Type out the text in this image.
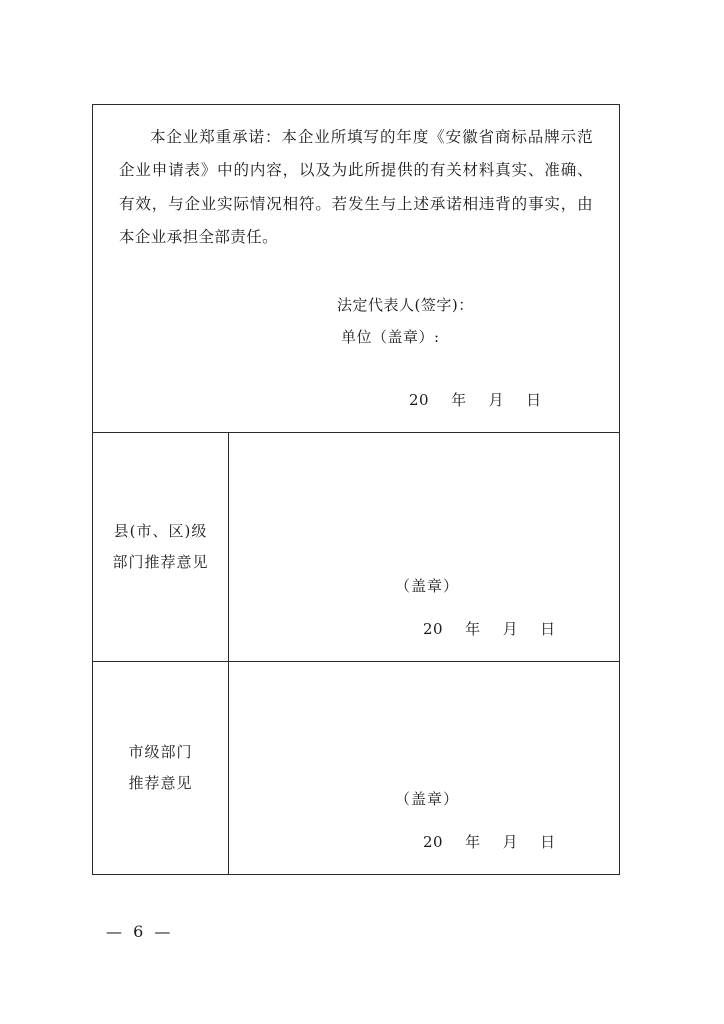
本企业郑重承诺：本企业所填写的年度《安徽省商标品牌示范企业申请表》中的内容，以及为此所提供的有关材料真实、准确、有效，与企业实际情况相符。若发生与上述承诺相违背的事实，由本企业承担全部责任。
法定代表人(签字)：
单位（盖章）:
20 年 月 日
县(市、区)级
部门推荐意见
（盖章）
20 年 月 日
市级部门
推荐意见
（盖章）
20 年 月 日
— 6 —
